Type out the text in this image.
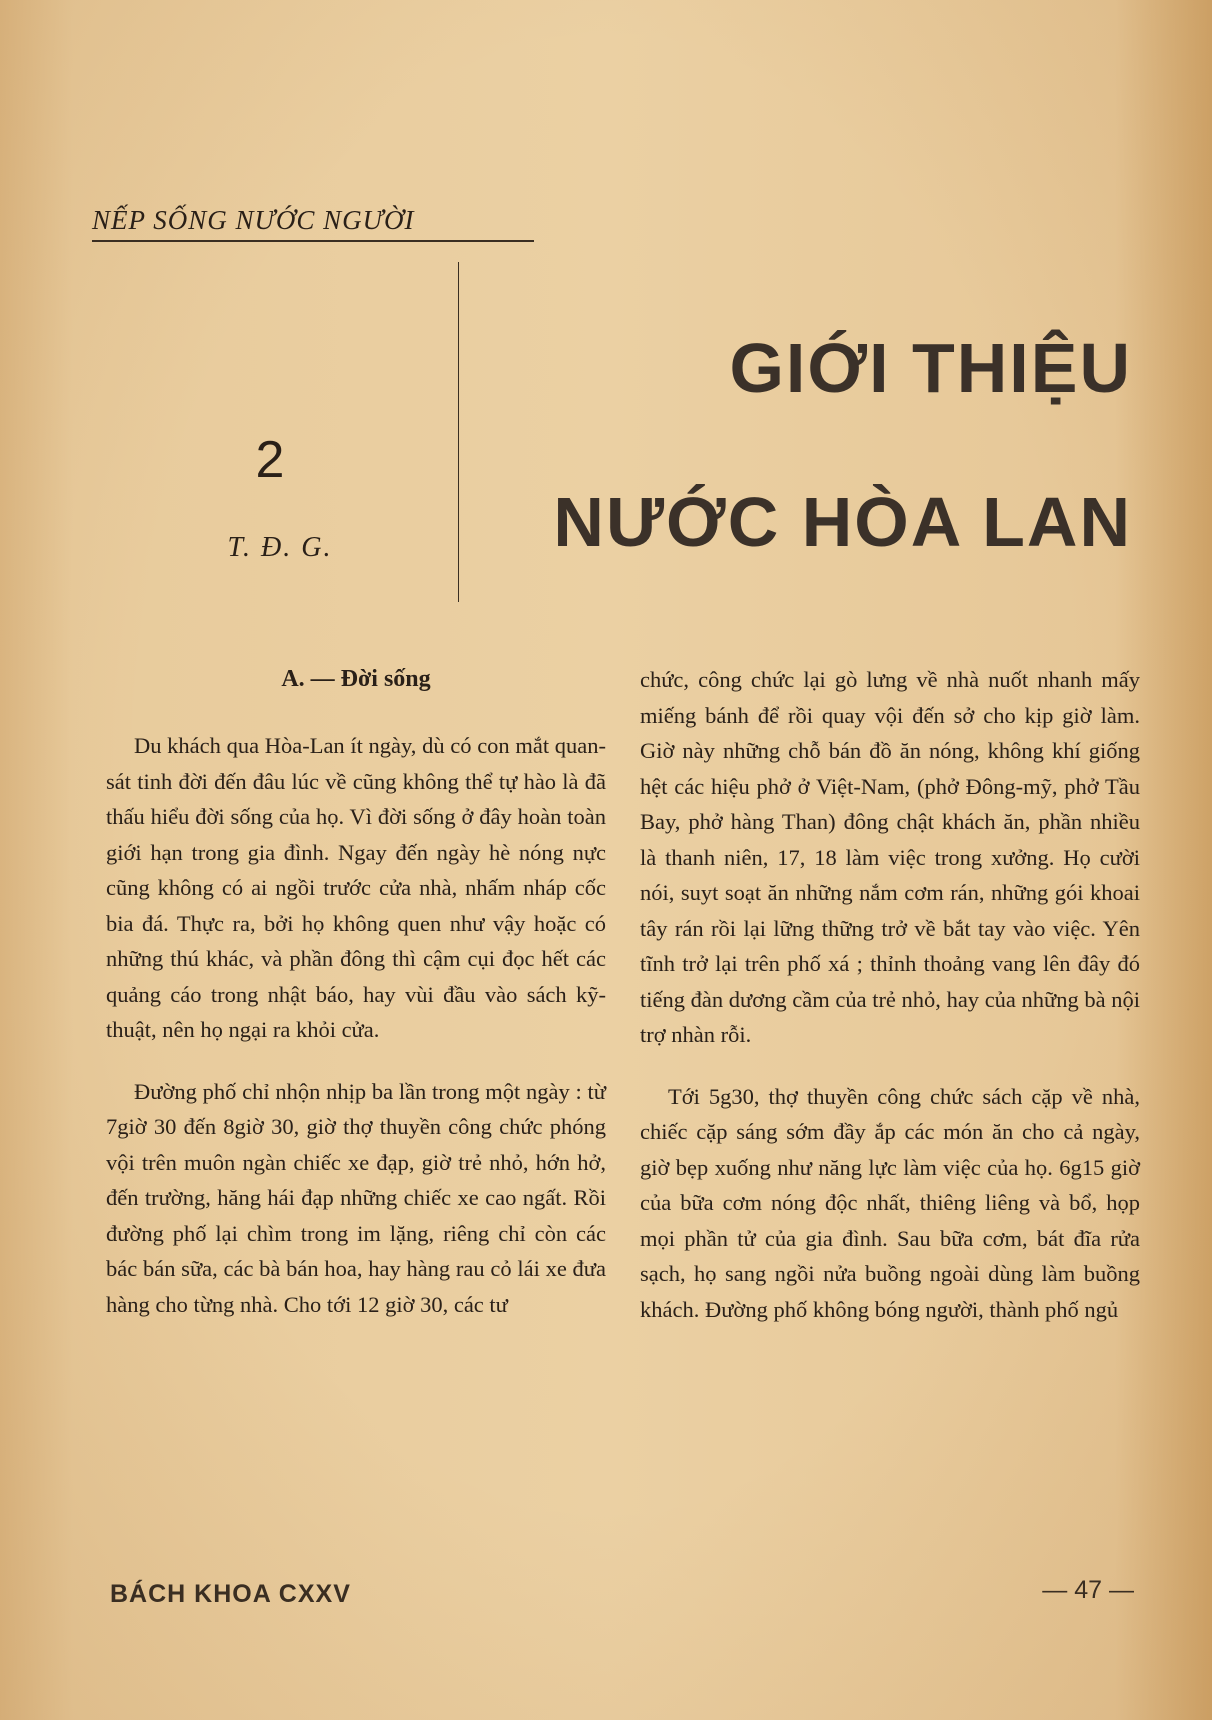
NẾP SỐNG NƯỚC NGƯỜI
2
T. Đ. G.
GIỚI THIỆU
NƯỚC HÒA LAN
A. — Đời sống

Du khách qua Hòa-Lan ít ngày, dù có con mắt quan-sát tinh đời đến đâu lúc về cũng không thể tự hào là đã thấu hiểu đời sống của họ. Vì đời sống ở đây hoàn toàn giới hạn trong gia đình. Ngay đến ngày hè nóng nực cũng không có ai ngồi trước cửa nhà, nhấm nháp cốc bia đá. Thực ra, bởi họ không quen như vậy hoặc có những thú khác, và phần đông thì cậm cụi đọc hết các quảng cáo trong nhật báo, hay vùi đầu vào sách kỹ-thuật, nên họ ngại ra khỏi cửa.

Đường phố chỉ nhộn nhịp ba lần trong một ngày : từ 7giờ 30 đến 8giờ 30, giờ thợ thuyền công chức phóng vội trên muôn ngàn chiếc xe đạp, giờ trẻ nhỏ, hớn hở, đến trường, hăng hái đạp những chiếc xe cao ngất. Rồi đường phố lại chìm trong im lặng, riêng chỉ còn các bác bán sữa, các bà bán hoa, hay hàng rau cỏ lái xe đưa hàng cho từng nhà. Cho tới 12 giờ 30, các tư

chức, công chức lại gò lưng về nhà nuốt nhanh mấy miếng bánh để rồi quay vội đến sở cho kịp giờ làm. Giờ này những chỗ bán đồ ăn nóng, không khí giống hệt các hiệu phở ở Việt-Nam, (phở Đông-mỹ, phở Tầu Bay, phở hàng Than) đông chật khách ăn, phần nhiều là thanh niên, 17, 18 làm việc trong xưởng. Họ cười nói, suyt soạt ăn những nắm cơm rán, những gói khoai tây rán rồi lại lững thững trở về bắt tay vào việc. Yên tĩnh trở lại trên phố xá ; thỉnh thoảng vang lên đây đó tiếng đàn dương cầm của trẻ nhỏ, hay của những bà nội trợ nhàn rỗi.

Tới 5g30, thợ thuyền công chức sách cặp về nhà, chiếc cặp sáng sớm đầy ắp các món ăn cho cả ngày, giờ bẹp xuống như năng lực làm việc của họ. 6g15 giờ của bữa cơm nóng độc nhất, thiêng liêng và bổ, họp mọi phần tử của gia đình. Sau bữa cơm, bát đĩa rửa sạch, họ sang ngồi nửa buồng ngoài dùng làm buồng khách. Đường phố không bóng người, thành phố ngủ

BÁCH KHOA CXXV	— 47 —
